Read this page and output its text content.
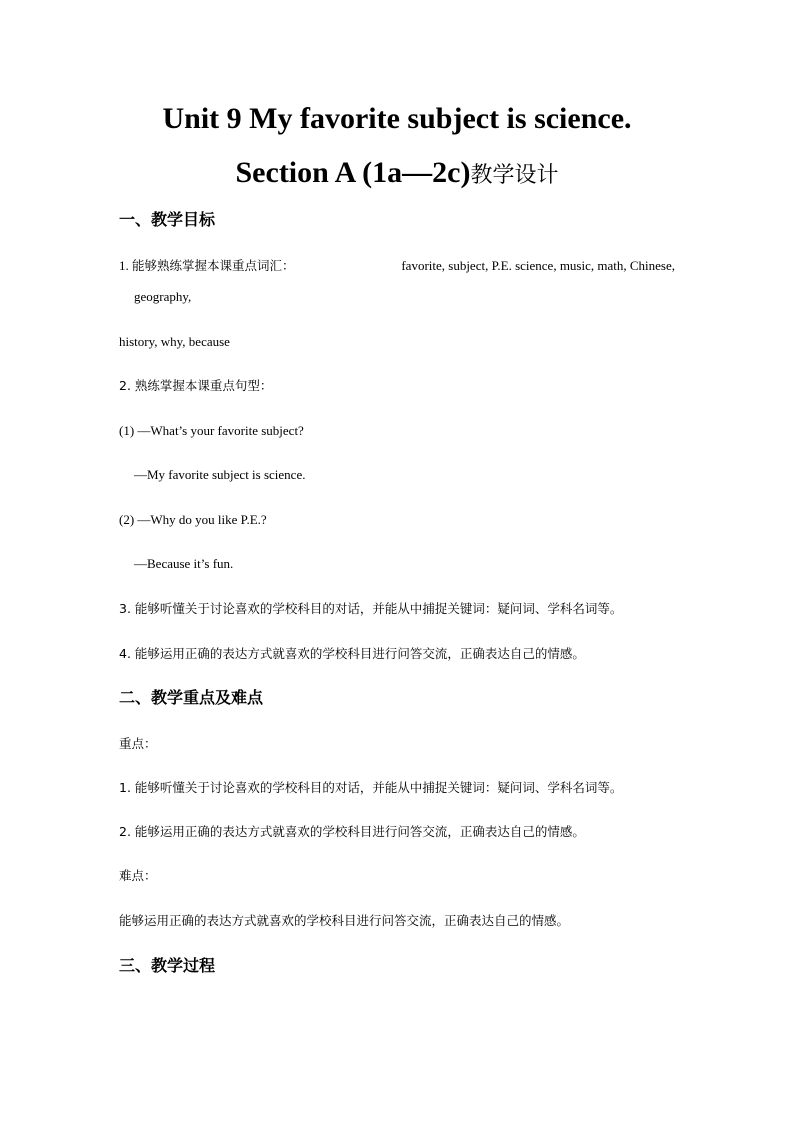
Unit 9 My favorite subject is science.
Section A (1a—2c)教学设计
一、教学目标
1. 能够熟练掌握本课重点词汇：	favorite, subject, P.E. science, music, math, Chinese,

geography,

history, why, because

2. 熟练掌握本课重点句型：

(1) —What’s your favorite subject?

—My favorite subject is science.

(2) —Why do you like P.E.?

—Because it’s fun.

3. 能够听懂关于讨论喜欢的学校科目的对话，并能从中捕捉关键词：疑问词、学科名词等。

4. 能够运用正确的表达方式就喜欢的学校科目进行问答交流，正确表达自己的情感。

二、教学重点及难点

重点：

1. 能够听懂关于讨论喜欢的学校科目的对话，并能从中捕捉关键词：疑问词、学科名词等。

2. 能够运用正确的表达方式就喜欢的学校科目进行问答交流，正确表达自己的情感。

难点：

能够运用正确的表达方式就喜欢的学校科目进行问答交流，正确表达自己的情感。

三、教学过程
